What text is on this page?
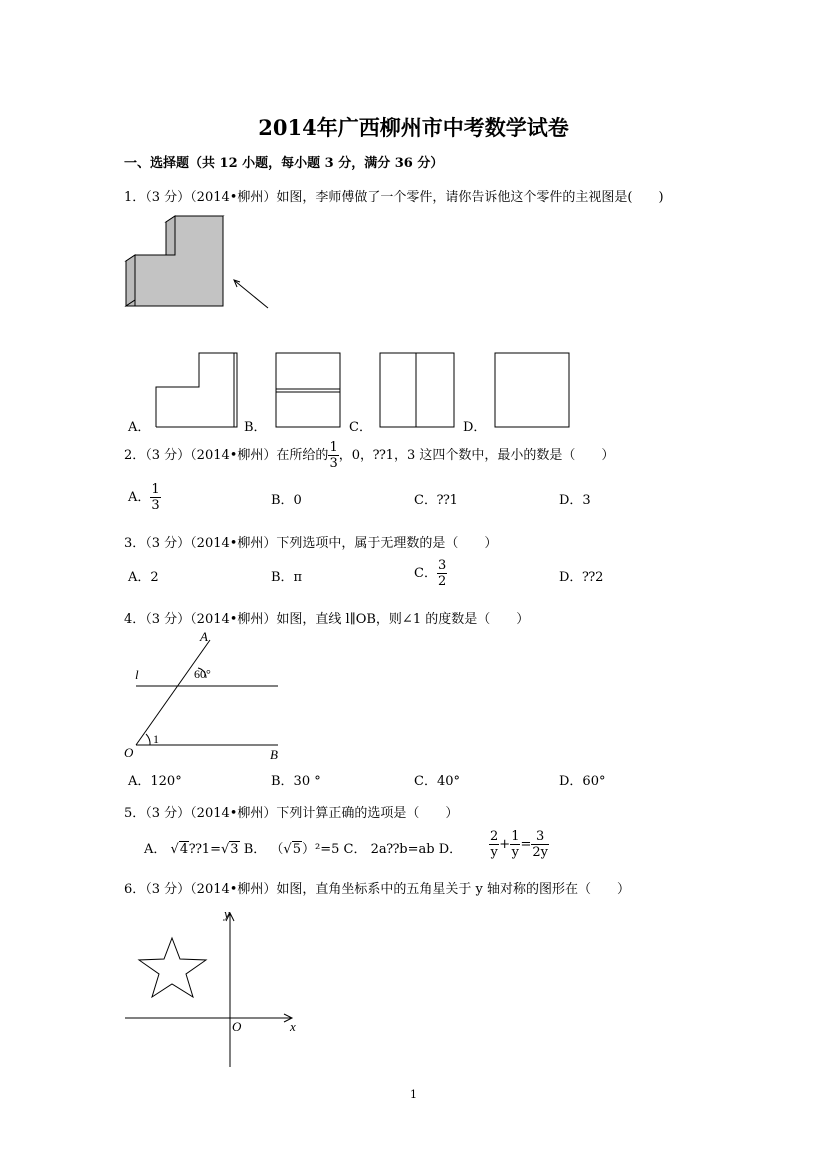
2014年广西柳州市中考数学试卷
一、选择题（共 12 小题，每小题 3 分，满分 36 分）
1．（3 分）（2014•柳州）如图，李师傅做了一个零件，请你告诉他这个零件的主视图是(　　)
A．	B．	C．	D．
2．（3 分）（2014•柳州）在所给的 $\frac{1}{3}$ ，0，⁇1，3 这四个数中，最小的数是（　　）
A． $\frac{1}{3}$	B．0	C．⁇1	D．3
3．（3 分）（2014•柳州）下列选项中，属于无理数的是（　　）
A．2	B．π	C． $\frac{3}{2}$	D．⁇2
4．（3 分）（2014•柳州）如图，直线 l∥OB，则∠1 的度数是（　　）
A
l	60°
O
1
B
A．120°	B．30 °	C．40°	D．60°
5．（3 分）（2014•柳州）下列计算正确的选项是（　　）
A． √4⁇1=√3 B． （√5）²=5 C． 2a⁇b=ab D． $\frac{2}{y} + \frac{1}{y} = \frac{3}{2y}$
6．（3 分）（2014•柳州）如图，直角坐标系中的五角星关于 y 轴对称的图形在（　　）
y
x
O
1
